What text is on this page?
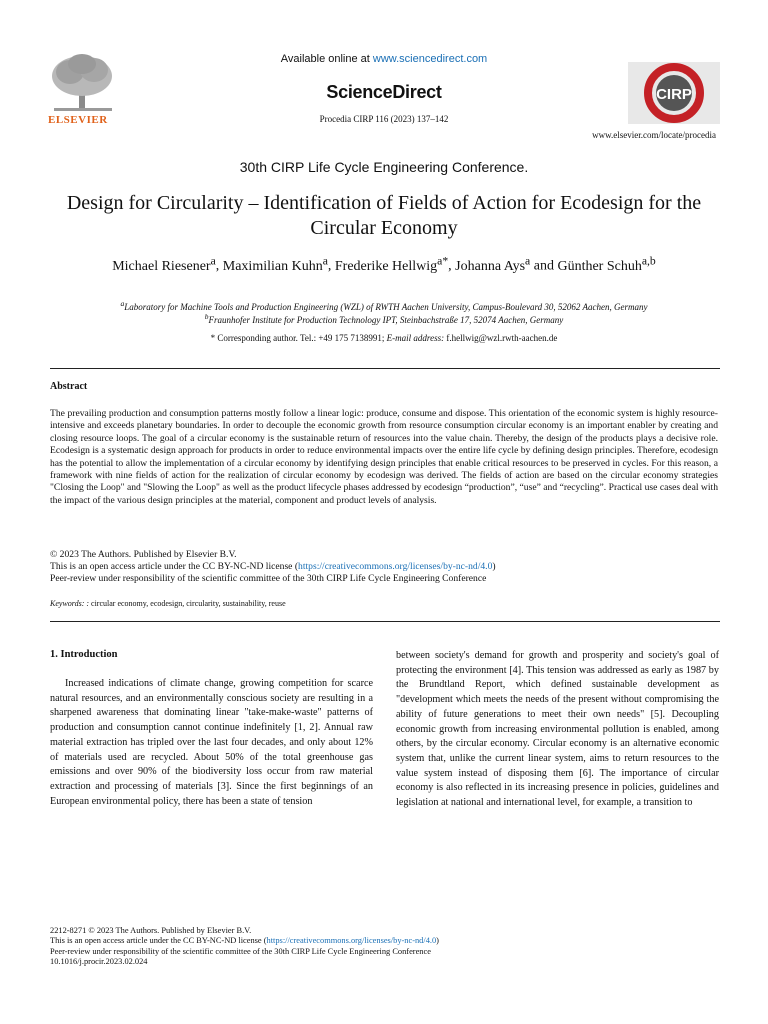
ELSEVIER
Available online at www.sciencedirect.com
ScienceDirect
Procedia CIRP 116 (2023) 137–142
CIRP
www.elsevier.com/locate/procedia
30th CIRP Life Cycle Engineering Conference.
Design for Circularity – Identification of Fields of Action for Ecodesign for the Circular Economy
Michael Riesener$^a$, Maximilian Kuhn$^a$, Frederike Hellwig$^{a*}$, Johanna Ays$^a$ and Günther Schuh$^{a,b}$
$^a$Laboratory for Machine Tools and Production Engineering (WZL) of RWTH Aachen University, Campus-Boulevard 30, 52062 Aachen, Germany
$^b$Fraunhofer Institute for Production Technology IPT, Steinbachstraße 17, 52074 Aachen, Germany
* Corresponding author. Tel.: +49 175 7138991; E-mail address: f.hellwig@wzl.rwth-aachen.de
Abstract
The prevailing production and consumption patterns mostly follow a linear logic: produce, consume and dispose. This orientation of the economic system is highly resource-intensive and exceeds planetary boundaries. In order to decouple the economic growth from resource consumption circular economy is an important enabler by creating and closing resource loops. The goal of a circular economy is the sustainable return of resources into the value chain. Thereby, the design of the products plays a decisive role. Ecodesign is a systematic design approach for products in order to reduce environmental impacts over the entire life cycle by defining design principles. Therefore, ecodesign has the potential to allow the implementation of a circular economy by identifying design principles that enable critical resources to be preserved in cycles. For this reason, a framework with nine fields of action for the realization of circular economy by ecodesign was derived. The fields of action are based on the circular economy strategies "Closing the Loop" and "Slowing the Loop" as well as the product lifecycle phases addressed by ecodesign “production”, “use” and “recycling”. Practical use cases deal with the impact of the various design principles at the material, component and product levels of analysis.
© 2023 The Authors. Published by Elsevier B.V.
This is an open access article under the CC BY-NC-ND license (https://creativecommons.org/licenses/by-nc-nd/4.0)
Peer-review under responsibility of the scientific committee of the 30th CIRP Life Cycle Engineering Conference
Keywords: : circular economy, ecodesign, circularity, sustainability, reuse
1. Introduction
Increased indications of climate change, growing competition for scarce natural resources, and an environmentally conscious society are resulting in a sharpened awareness that dominating linear "take-make-waste" patterns of production and consumption cannot continue indefinitely [1, 2]. Annual raw material extraction has tripled over the last four decades, and only about 12% of materials used are recycled. About 50% of the total greenhouse gas emissions and over 90% of the biodiversity loss occur from raw material extraction and processing of materials [3]. Since the first beginnings of an European environmental policy, there has been a state of tension
between society's demand for growth and prosperity and society's goal of protecting the environment [4]. This tension was addressed as early as 1987 by the Brundtland Report, which defined sustainable development as "development which meets the needs of the present without compromising the ability of future generations to meet their own needs" [5]. Decoupling economic growth from increasing environmental pollution is enabled, among others, by the circular economy. Circular economy is an alternative economic system that, unlike the current linear system, aims to return resources to the value system instead of disposing them [6]. The importance of circular economy is also reflected in its increasing presence in policies, guidelines and legislation at national and international level, for example, a transition to
2212-8271 © 2023 The Authors. Published by Elsevier B.V.
This is an open access article under the CC BY-NC-ND license (https://creativecommons.org/licenses/by-nc-nd/4.0)
Peer-review under responsibility of the scientific committee of the 30th CIRP Life Cycle Engineering Conference
10.1016/j.procir.2023.02.024
